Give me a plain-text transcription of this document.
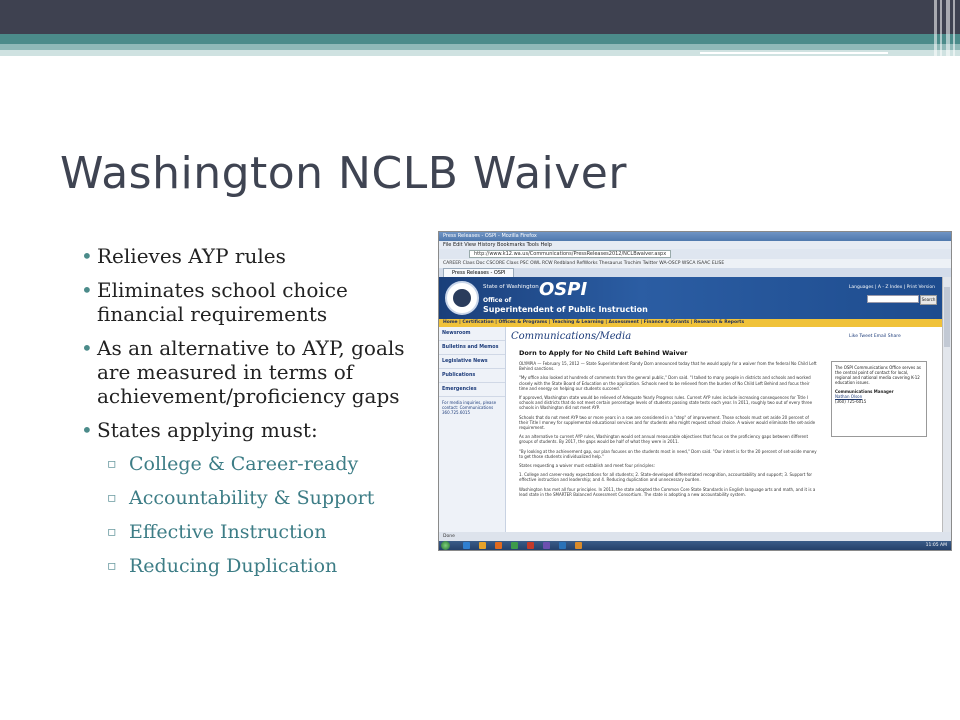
Washington NCLB Waiver
• Relieves AYP rules
• Eliminates school choice financial requirements
• As an alternative to AYP, goals are measured in terms of achievement/proficiency gaps
• States applying must:
▫ College & Career-ready
▫ Accountability & Support
▫ Effective Instruction
▫ Reducing Duplication
Press Releases - OSPI - Mozilla Firefox
File Edit View History Bookmarks Tools Help
http://www.k12.wa.us/Communications/PressReleases2012/NCLBwaiver.aspx
CAREER Claxs Doc CSCORE Claxs PSC OWL RCW Redbland RefWorks Thesaurus Trochim Twitter WA-OSCP WSCA ISAAC ELISE
Press Releases - OSPI
State of Washington OSPI
Office of
Superintendent of Public Instruction
Languages | A - Z Index | Print Version
Search
Home | Certification | Offices & Programs | Teaching & Learning | Assessment | Finance & iGrants | Research & Reports
Newsroom
Bulletins and Memos
Legislative News
Publications
Emergencies
For media inquiries, please contact: Communications 360.725.6015
Communications/Media	Like Tweet Email Share
Dorn to Apply for No Child Left Behind Waiver

OLYMPIA — February 15, 2012 — State Superintendent Randy Dorn announced today that he would apply for a waiver from the federal No Child Left Behind sanctions.

"My office also looked at hundreds of comments from the general public," Dorn said. "I talked to many people in districts and schools and worked closely with the State Board of Education on the application. Schools need to be relieved from the burden of No Child Left Behind and focus their time and energy on helping our students succeed."

If approved, Washington state would be relieved of Adequate Yearly Progress rules. Current AYP rules include increasing consequences for Title I schools and districts that do not meet certain percentage levels of students passing state tests each year. In 2011, roughly two out of every three schools in Washington did not meet AYP.

Schools that do not meet AYP two or more years in a row are considered in a "step" of improvement. Those schools must set aside 20 percent of their Title I money for supplemental educational services and for students who might request school choice. A waiver would eliminate the set-aside requirement.

As an alternative to current AYP rules, Washington would set annual measurable objectives that focus on the proficiency gaps between different groups of students. By 2017, the gaps would be half of what they were in 2011.

"By looking at the achievement gap, our plan focuses on the students most in need," Dorn said. "Our intent is for the 20 percent of set-aside money to get those students individualized help."

States requesting a waiver must establish and meet four principles:

1. College and career-ready expectations for all students; 2. State-developed differentiated recognition, accountability and support; 3. Support for effective instruction and leadership; and 4. Reducing duplication and unnecessary burden.

Washington has met all four principles. In 2011, the state adopted the Common Core State Standards in English language arts and math, and it is a lead state in the SMARTER Balanced Assessment Consortium. The state is adopting a new accountability system.

The OSPI Communications Office serves as the central point of contact for local, regional and national media covering K-12 education issues.
Communications Manager
Nathan Olson
(360) 725-6015
Done
11:05 AM
